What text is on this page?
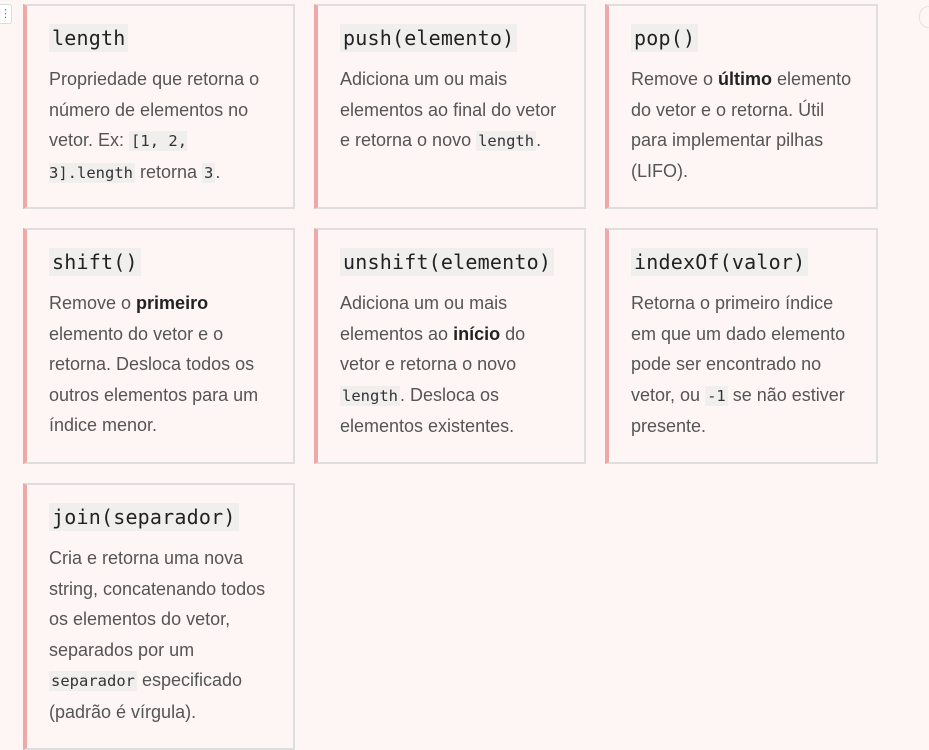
⋮
length
Propriedade que retorna o número de elementos no vetor. Ex: [1, 2, 3].length retorna 3 .
push(elemento)
Adiciona um ou mais elementos ao final do vetor e retorna o novo length .
pop()
Remove o último elemento do vetor e o retorna. Útil para implementar pilhas (LIFO).
shift()
Remove o primeiro elemento do vetor e o retorna. Desloca todos os outros elementos para um índice menor.
unshift(elemento)
Adiciona um ou mais elementos ao início do vetor e retorna o novo length . Desloca os elementos existentes.
indexOf(valor)
Retorna o primeiro índice em que um dado elemento pode ser encontrado no vetor, ou -1 se não estiver presente.
join(separador)
Cria e retorna uma nova string, concatenando todos os elementos do vetor, separados por um separador especificado (padrão é vírgula).
